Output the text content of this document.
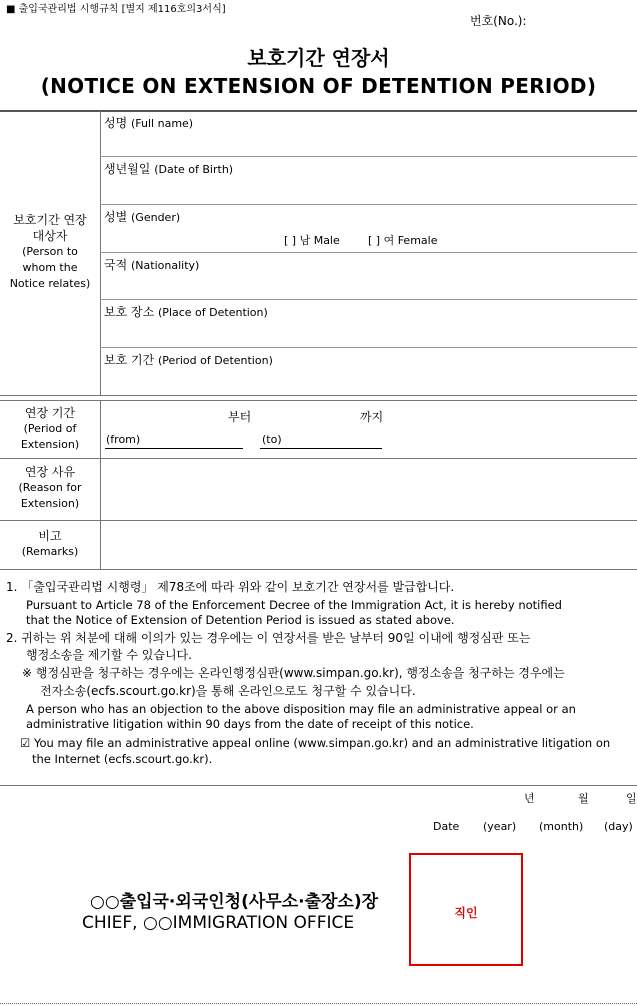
■ 출입국관리법 시행규칙 [별지 제116호의3서식]
번호(No.):
보호기간 연장서
(NOTICE ON EXTENSION OF DETENTION PERIOD)
보호기간 연장
대상자
(Person to
whom the
Notice relates)
성명 (Full name)
생년월일 (Date of Birth)
성별 (Gender)
[ ] 남 Male	[ ] 여 Female
국적 (Nationality)
보호 장소 (Place of Detention)
보호 기간 (Period of Detention)
연장 기간
(Period of
Extension)
부터	까지
(from)	(to)
연장 사유
(Reason for
Extension)
비고
(Remarks)
1. 「출입국관리법 시행령」 제78조에 따라 위와 같이 보호기간 연장서를 발급합니다.
Pursuant to Article 78 of the Enforcement Decree of the Immigration Act, it is hereby notified
that the Notice of Extension of Detention Period is issued as stated above.
2. 귀하는 위 처분에 대해 이의가 있는 경우에는 이 연장서를 받은 날부터 90일 이내에 행정심판 또는
행정소송을 제기할 수 있습니다.
※ 행정심판을 청구하는 경우에는 온라인행정심판(www.simpan.go.kr), 행정소송을 청구하는 경우에는
전자소송(ecfs.scourt.go.kr)을 통해 온라인으로도 청구할 수 있습니다.
A person who has an objection to the above disposition may file an administrative appeal or an
administrative litigation within 90 days from the date of receipt of this notice.
☑ You may file an administrative appeal online (www.simpan.go.kr) and an administrative litigation on
the Internet (ecfs.scourt.go.kr).
년	월	일
Date (year) (month) (day)
○○출입국·외국인청(사무소·출장소)장
CHIEF, ○○IMMIGRATION OFFICE	직인
